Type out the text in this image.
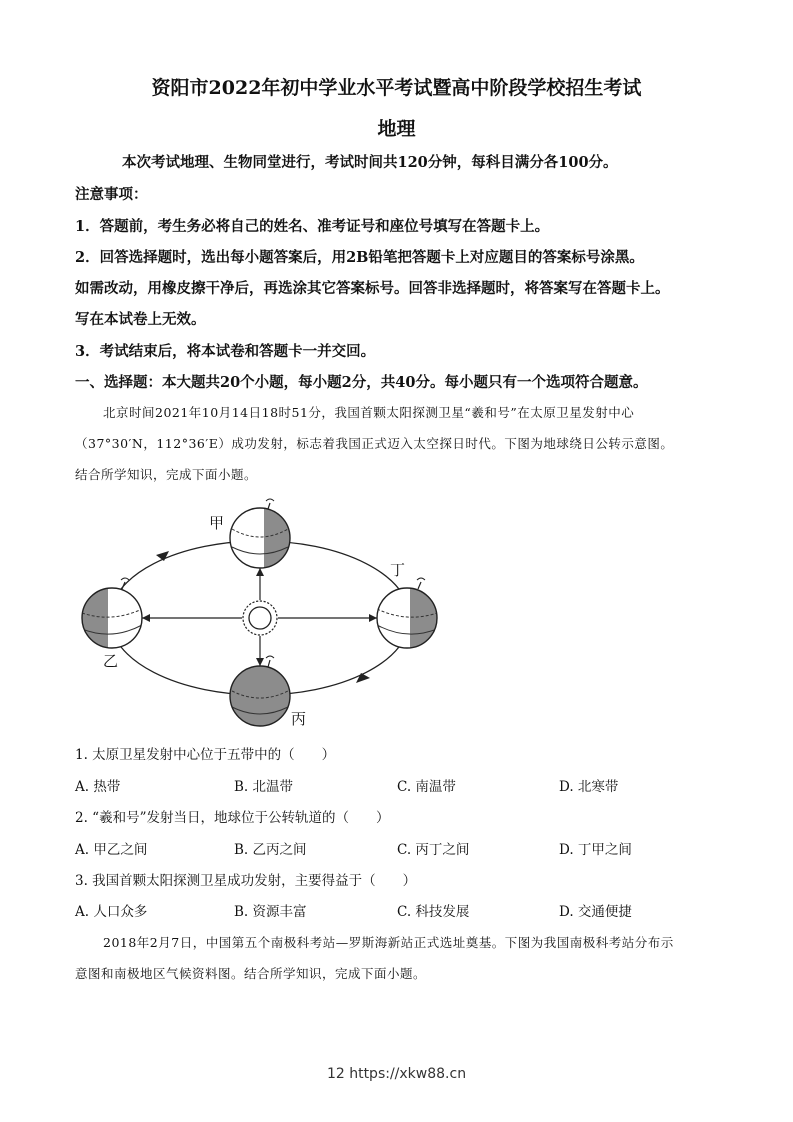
资阳市2022年初中学业水平考试暨高中阶段学校招生考试
地理
本次考试地理、生物同堂进行，考试时间共120分钟，每科目满分各100分。
注意事项：
1．答题前，考生务必将自己的姓名、准考证号和座位号填写在答题卡上。
2．回答选择题时，选出每小题答案后，用2B铅笔把答题卡上对应题目的答案标号涂黑。
如需改动，用橡皮擦干净后，再选涂其它答案标号。回答非选择题时，将答案写在答题卡上。
写在本试卷上无效。
3．考试结束后，将本试卷和答题卡一并交回。
一、选择题：本大题共20个小题，每小题2分，共40分。每小题只有一个选项符合题意。
北京时间2021年10月14日18时51分，我国首颗太阳探测卫星“羲和号”在太原卫星发射中心
（37°30′N，112°36′E）成功发射，标志着我国正式迈入太空探日时代。下图为地球绕日公转示意图。
结合所学知识，完成下面小题。
甲
乙
丙
丁
1. 太原卫星发射中心位于五带中的（　　）
A. 热带	B. 北温带	C. 南温带	D. 北寒带
2. “羲和号”发射当日，地球位于公转轨道的（　　）
A. 甲乙之间	B. 乙丙之间	C. 丙丁之间	D. 丁甲之间
3. 我国首颗太阳探测卫星成功发射，主要得益于（　　）
A. 人口众多	B. 资源丰富	C. 科技发展	D. 交通便捷
2018年2月7日，中国第五个南极科考站—罗斯海新站正式选址奠基。下图为我国南极科考站分布示
意图和南极地区气候资料图。结合所学知识，完成下面小题。
12 https://xkw88.cn
